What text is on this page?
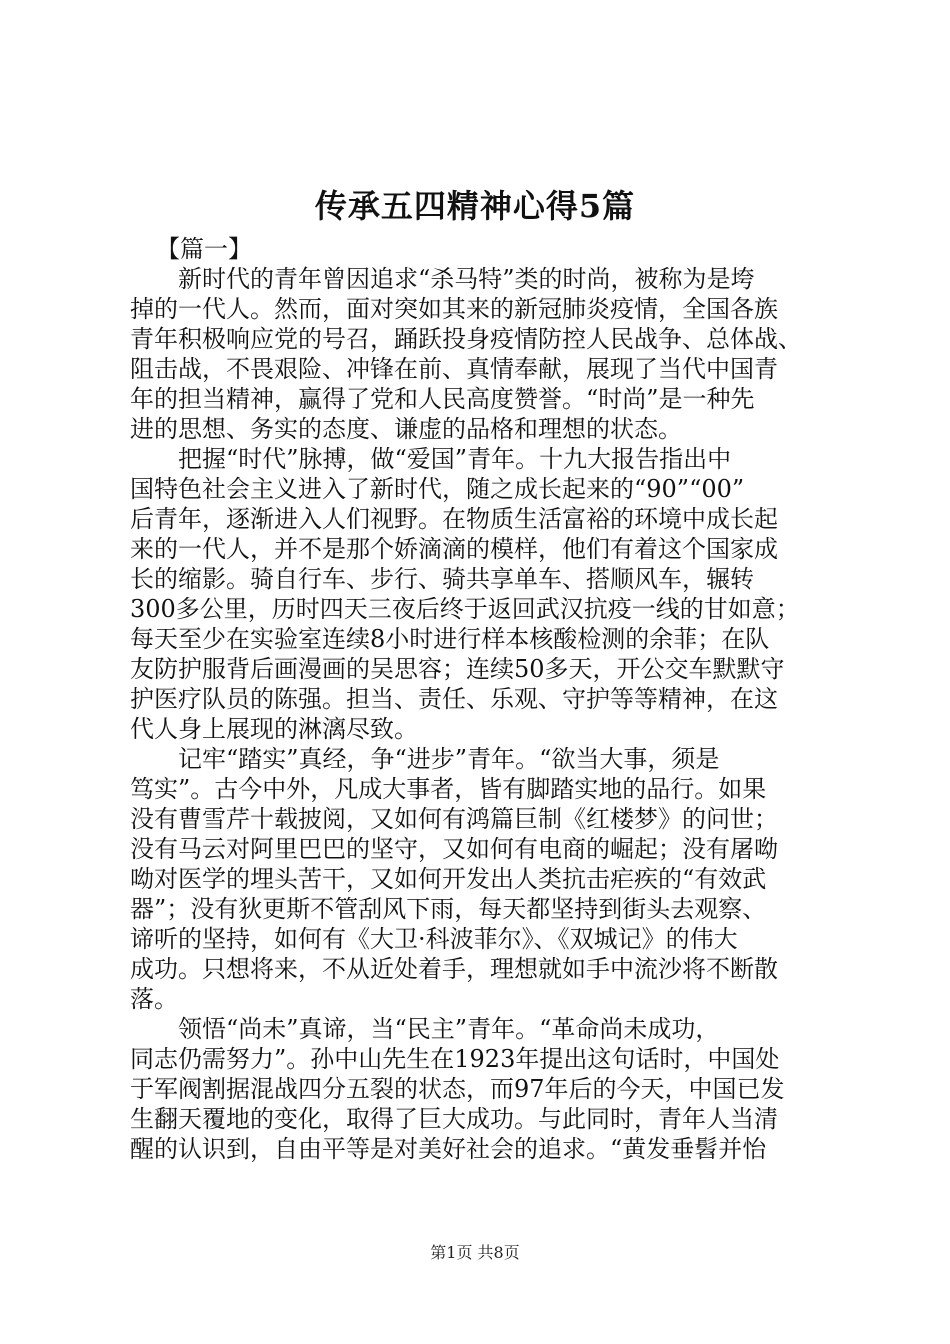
传承五四精神心得5篇

【篇一】

　　新时代的青年曾因追求“杀马特”类的时尚，被称为是垮

掉的一代人。然而，面对突如其来的新冠肺炎疫情，全国各族

青年积极响应党的号召，踊跃投身疫情防控人民战争、总体战、

阻击战，不畏艰险、冲锋在前、真情奉献，展现了当代中国青

年的担当精神，赢得了党和人民高度赞誉。“时尚”是一种先

进的思想、务实的态度、谦虚的品格和理想的状态。

　　把握“时代”脉搏，做“爱国”青年。十九大报告指出中

国特色社会主义进入了新时代，随之成长起来的“90”“00”

后青年，逐渐进入人们视野。在物质生活富裕的环境中成长起

来的一代人，并不是那个娇滴滴的模样，他们有着这个国家成

长的缩影。骑自行车、步行、骑共享单车、搭顺风车，辗转

300多公里，历时四天三夜后终于返回武汉抗疫一线的甘如意；

每天至少在实验室连续8小时进行样本核酸检测的余菲；在队

友防护服背后画漫画的吴思容；连续50多天，开公交车默默守

护医疗队员的陈强。担当、责任、乐观、守护等等精神，在这

代人身上展现的淋漓尽致。

　　记牢“踏实”真经，争“进步”青年。“欲当大事，须是

笃实”。古今中外，凡成大事者，皆有脚踏实地的品行。如果

没有曹雪芹十载披阅，又如何有鸿篇巨制《红楼梦》的问世；

没有马云对阿里巴巴的坚守，又如何有电商的崛起；没有屠呦

呦对医学的埋头苦干，又如何开发出人类抗击疟疾的“有效武

器”；没有狄更斯不管刮风下雨，每天都坚持到街头去观察、

谛听的坚持，如何有《大卫·科波菲尔》、《双城记》的伟大

成功。只想将来，不从近处着手，理想就如手中流沙将不断散

落。

　　领悟“尚未”真谛，当“民主”青年。“革命尚未成功，

同志仍需努力”。孙中山先生在1923年提出这句话时，中国处

于军阀割据混战四分五裂的状态，而97年后的今天，中国已发

生翻天覆地的变化，取得了巨大成功。与此同时，青年人当清

醒的认识到，自由平等是对美好社会的追求。“黄发垂髫并怡

第1页 共8页
